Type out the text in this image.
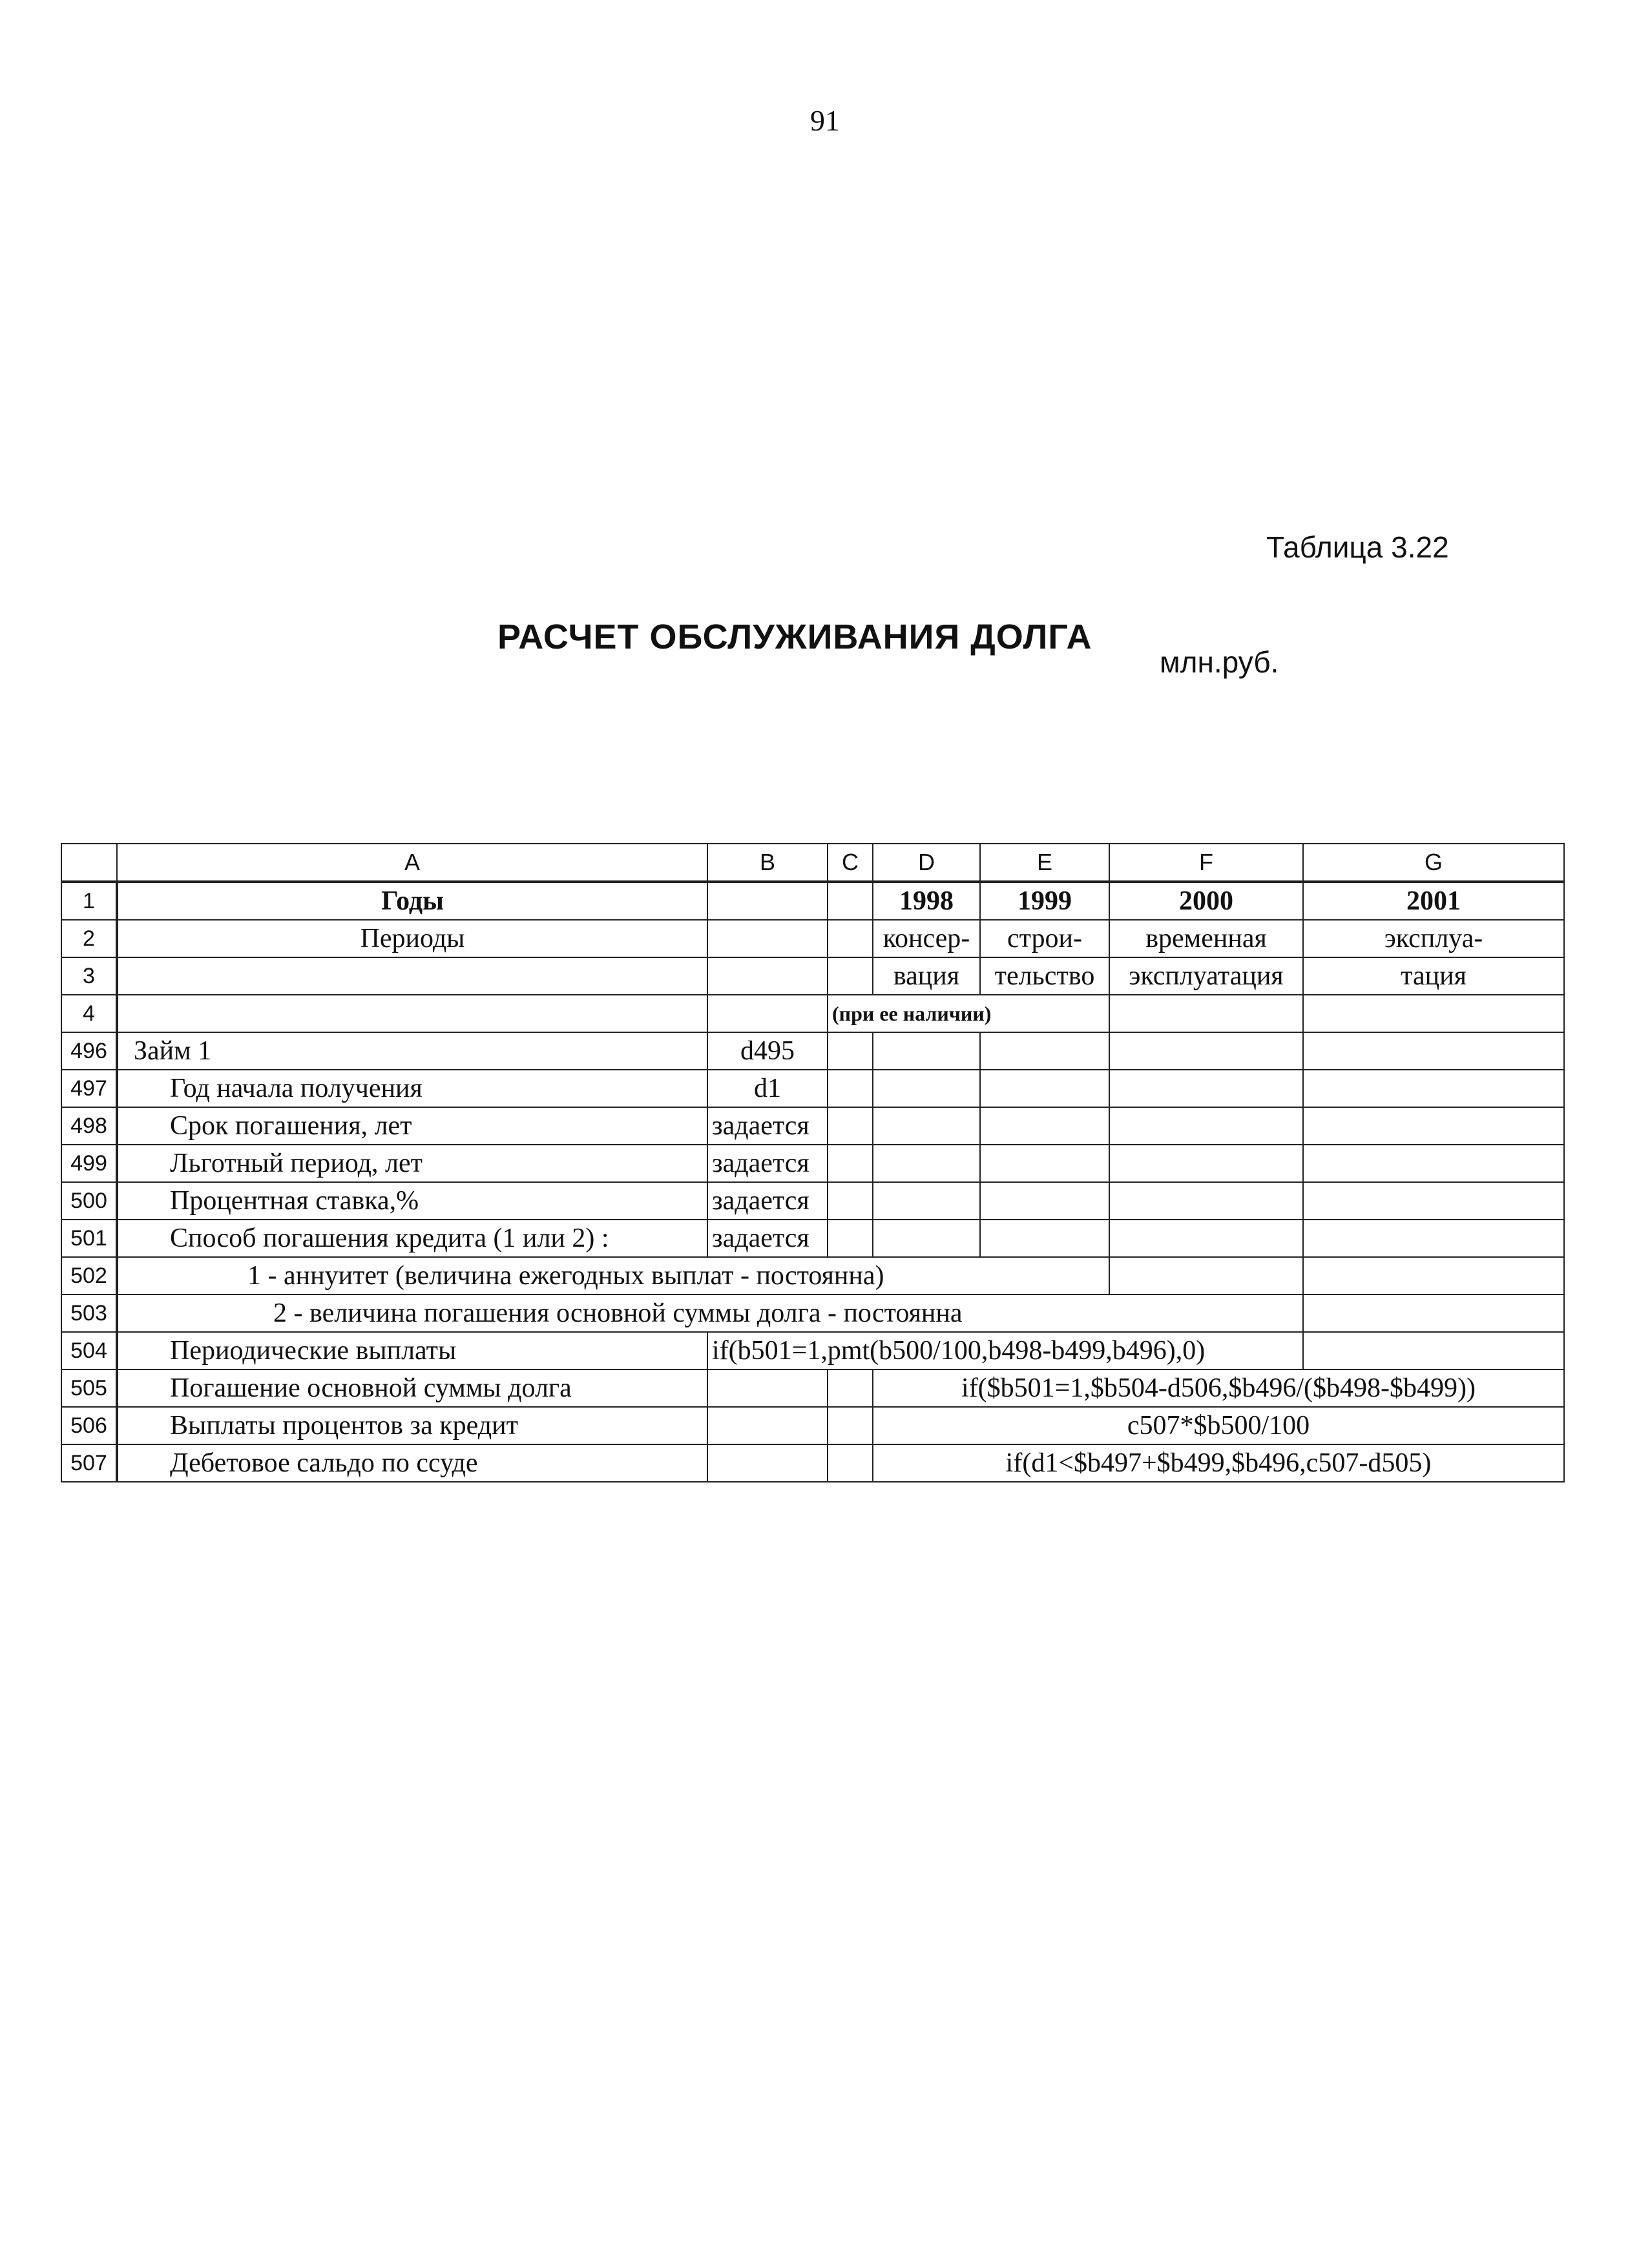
91
Таблица 3.22
РАСЧЕТ ОБСЛУЖИВАНИЯ ДОЛГА
млн.руб.
	A	B	C	D	E	F	G
1	Годы			1998	1999	2000	2001
2	Периоды			консер-	строи-	временная	эксплуа-
3				вация	тельство	эксплуатация	тация
4			(при ее наличии)				
496	Займ 1	d495					
497	Год начала получения	d1					
498	Срок погашения, лет	задается					
499	Льготный период, лет	задается					
500	Процентная ставка,%	задается					
501	Способ погашения кредита (1 или 2) :	задается					
502	1 - аннуитет (величина ежегодных выплат - постоянна)						
503	2 - величина погашения основной суммы долга - постоянна						
504	Периодические выплаты	if(b501=1,pmt(b500/100,b498-b499,b496),0)					
505	Погашение основной суммы долга			if($b501=1,$b504-d506,$b496/($b498-$b499))			
506	Выплаты процентов за кредит			c507*$b500/100			
507	Дебетовое сальдо по ссуде			if(d1<$b497+$b499,$b496,c507-d505)			
